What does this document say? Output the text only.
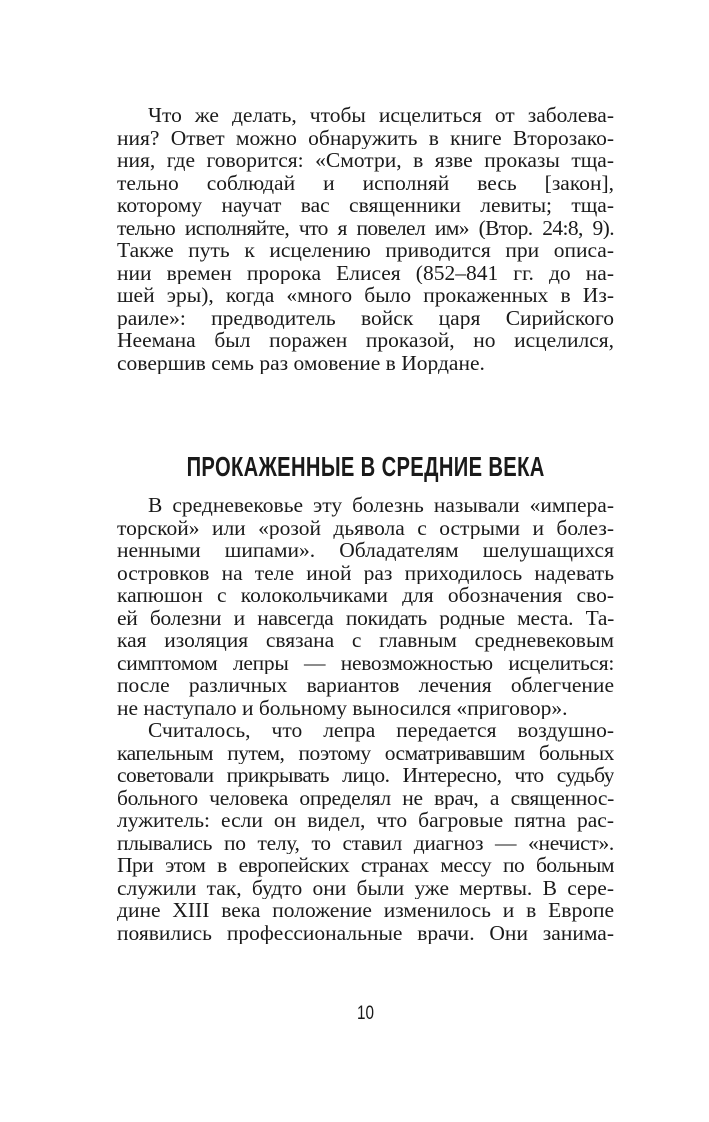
Что же делать, чтобы исцелиться от заболева-
ния? Ответ можно обнаружить в книге Второзако-
ния, где говорится: «Смотри, в язве проказы тща-
тельно соблюдай и исполняй весь [закон],
которому научат вас священники левиты; тща-
тельно исполняйте, что я повелел им» (Втор. 24:8, 9).
Также путь к исцелению приводится при описа-
нии времен пророка Елисея (852–841 гг. до на-
шей эры), когда «много было прокаженных в Из-
раиле»: предводитель войск царя Сирийского
Неемана был поражен проказой, но исцелился,
совершив семь раз омовение в Иордане.
ПРОКАЖЕННЫЕ В СРЕДНИЕ ВЕКА
В средневековье эту болезнь называли «импера-
торской» или «розой дьявола с острыми и болез-
ненными шипами». Обладателям шелушащихся
островков на теле иной раз приходилось надевать
капюшон с колокольчиками для обозначения сво-
ей болезни и навсегда покидать родные места. Та-
кая изоляция связана с главным средневековым
симптомом лепры — невозможностью исцелиться:
после различных вариантов лечения облегчение
не наступало и больному выносился «приговор».
Считалось, что лепра передается воздушно-
капельным путем, поэтому осматривавшим больных
советовали прикрывать лицо. Интересно, что судьбу
больного человека определял не врач, а священнос-
лужитель: если он видел, что багровые пятна рас-
плывались по телу, то ставил диагноз — «нечист».
При этом в европейских странах мессу по больным
служили так, будто они были уже мертвы. В сере-
дине XIII века положение изменилось и в Европе
появились профессиональные врачи. Они занима-
10
